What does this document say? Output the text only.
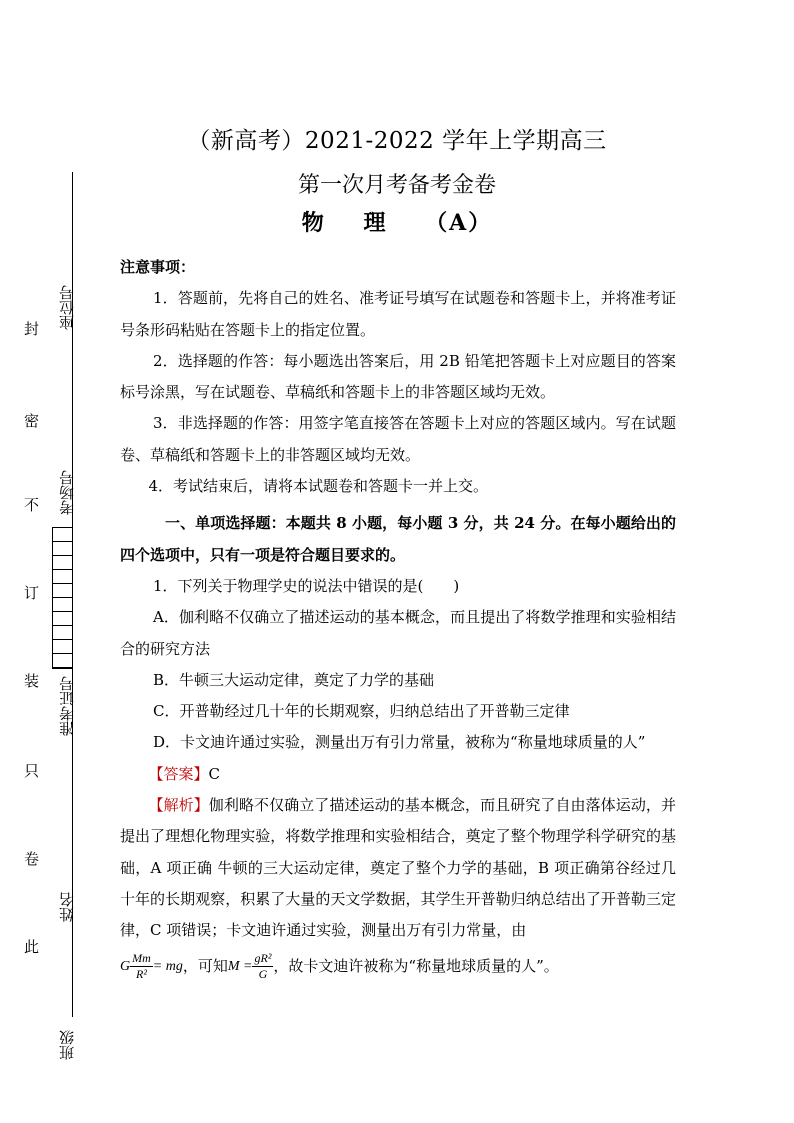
座位号
考场号
准考证号
姓名
班级
封
密
不
订
装
只
卷
此
（新高考）2021-2022 学年上学期高三
第一次月考备考金卷
物 理 （A）

注意事项：

1．答题前，先将自己的姓名、准考证号填写在试题卷和答题卡上，并将准考证号条形码粘贴在答题卡上的指定位置。

2．选择题的作答：每小题选出答案后，用 2B 铅笔把答题卡上对应题目的答案标号涂黑，写在试题卷、草稿纸和答题卡上的非答题区域均无效。

3．非选择题的作答：用签字笔直接答在答题卡上对应的答题区域内。写在试题卷、草稿纸和答题卡上的非答题区域均无效。

4．考试结束后，请将本试题卷和答题卡一并上交。

一、单项选择题：本题共 8 小题，每小题 3 分，共 24 分。在每小题给出的四个选项中，只有一项是符合题目要求的。

1．下列关于物理学史的说法中错误的是(　　)

A．伽利略不仅确立了描述运动的基本概念，而且提出了将数学推理和实验相结合的研究方法

B．牛顿三大运动定律，奠定了力学的基础

C．开普勒经过几十年的长期观察，归纳总结出了开普勒三定律

D．卡文迪许通过实验，测量出万有引力常量，被称为“称量地球质量的人”

【答案】C

【解析】伽利略不仅确立了描述运动的基本概念，而且研究了自由落体运动，并提出了理想化物理实验，将数学推理和实验相结合，奠定了整个物理学科学研究的基础，A 项正确 牛顿的三大运动定律，奠定了整个力学的基础，B 项正确第谷经过几十年的长期观察，积累了大量的天文学数据，其学生开普勒归纳总结出了开普勒三定律，C 项错误；卡文迪许通过实验，测量出万有引力常量，由

G $\frac{Mm}{\text{R²}}$ = mg，可知$M = \frac{\text{gR²}}{G}$ ，故卡文迪许被称为“称量地球质量的人”。
